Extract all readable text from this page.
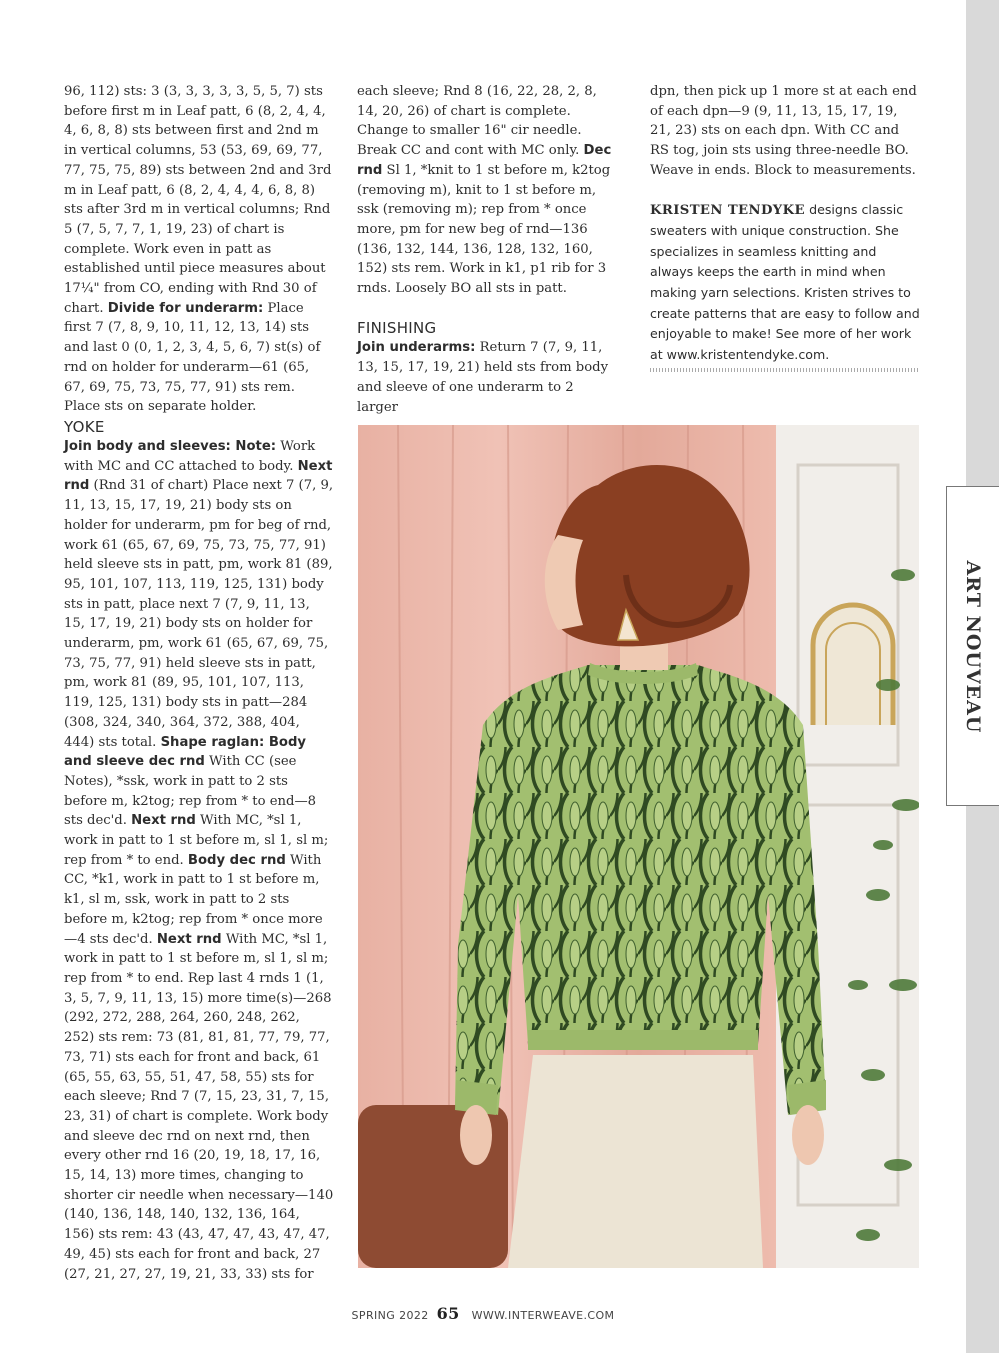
96, 112) sts: 3 (3, 3, 3, 3, 3, 5, 5, 7) sts before first m in Leaf patt, 6 (8, 2, 4, 4, 4, 6, 8, 8) sts between first and 2nd m in vertical columns, 53 (53, 69, 69, 77, 77, 75, 75, 89) sts between 2nd and 3rd m in Leaf patt, 6 (8, 2, 4, 4, 4, 6, 8, 8) sts after 3rd m in vertical columns; Rnd 5 (7, 5, 7, 7, 1, 19, 23) of chart is complete. Work even in patt as established until piece measures about 17¼" from CO, ending with Rnd 30 of chart. Divide for underarm: Place first 7 (7, 8, 9, 10, 11, 12, 13, 14) sts and last 0 (0, 1, 2, 3, 4, 5, 6, 7) st(s) of rnd on holder for underarm—61 (65, 67, 69, 75, 73, 75, 77, 91) sts rem. Place sts on separate holder.

YOKE

Join body and sleeves: Note: Work with MC and CC attached to body. Next rnd (Rnd 31 of chart) Place next 7 (7, 9, 11, 13, 15, 17, 19, 21) body sts on holder for underarm, pm for beg of rnd, work 61 (65, 67, 69, 75, 73, 75, 77, 91) held sleeve sts in patt, pm, work 81 (89, 95, 101, 107, 113, 119, 125, 131) body sts in patt, place next 7 (7, 9, 11, 13, 15, 17, 19, 21) body sts on holder for underarm, pm, work 61 (65, 67, 69, 75, 73, 75, 77, 91) held sleeve sts in patt, pm, work 81 (89, 95, 101, 107, 113, 119, 125, 131) body sts in patt—284 (308, 324, 340, 364, 372, 388, 404, 444) sts total. Shape raglan: Body and sleeve dec rnd With CC (see Notes), *ssk, work in patt to 2 sts before m, k2tog; rep from * to end—8 sts dec'd. Next rnd With MC, *sl 1, work in patt to 1 st before m, sl 1, sl m; rep from * to end. Body dec rnd With CC, *k1, work in patt to 1 st before m, k1, sl m, ssk, work in patt to 2 sts before m, k2tog; rep from * once more—4 sts dec'd. Next rnd With MC, *sl 1, work in patt to 1 st before m, sl 1, sl m; rep from * to end. Rep last 4 rnds 1 (1, 3, 5, 7, 9, 11, 13, 15) more time(s)—268 (292, 272, 288, 264, 260, 248, 262, 252) sts rem: 73 (81, 81, 81, 77, 79, 77, 73, 71) sts each for front and back, 61 (65, 55, 63, 55, 51, 47, 58, 55) sts for each sleeve; Rnd 7 (7, 15, 23, 31, 7, 15, 23, 31) of chart is complete. Work body and sleeve dec rnd on next rnd, then every other rnd 16 (20, 19, 18, 17, 16, 15, 14, 13) more times, changing to shorter cir needle when necessary—140 (140, 136, 148, 140, 132, 136, 164, 156) sts rem: 43 (43, 47, 47, 43, 47, 47, 49, 45) sts each for front and back, 27 (27, 21, 27, 27, 19, 21, 33, 33) sts for

each sleeve; Rnd 8 (16, 22, 28, 2, 8, 14, 20, 26) of chart is complete. Change to smaller 16" cir needle. Break CC and cont with MC only. Dec rnd Sl 1, *knit to 1 st before m, k2tog (removing m), knit to 1 st before m, ssk (removing m); rep from * once more, pm for new beg of rnd—136 (136, 132, 144, 136, 128, 132, 160, 152) sts rem. Work in k1, p1 rib for 3 rnds. Loosely BO all sts in patt.

FINISHING

Join underarms: Return 7 (7, 9, 11, 13, 15, 17, 19, 21) held sts from body and sleeve of one underarm to 2 larger

dpn, then pick up 1 more st at each end of each dpn—9 (9, 11, 13, 15, 17, 19, 21, 23) sts on each dpn. With CC and RS tog, join sts using three-needle BO. Weave in ends. Block to measurements.

KRISTEN TENDYKE designs classic sweaters with unique construction. She specializes in seamless knitting and always keeps the earth in mind when making yarn selections. Kristen strives to create patterns that are easy to follow and enjoyable to make! See more of her work at www.kristentendyke.com.

ART NOUVEAU
SPRING 2022 65 WWW.INTERWEAVE.COM
